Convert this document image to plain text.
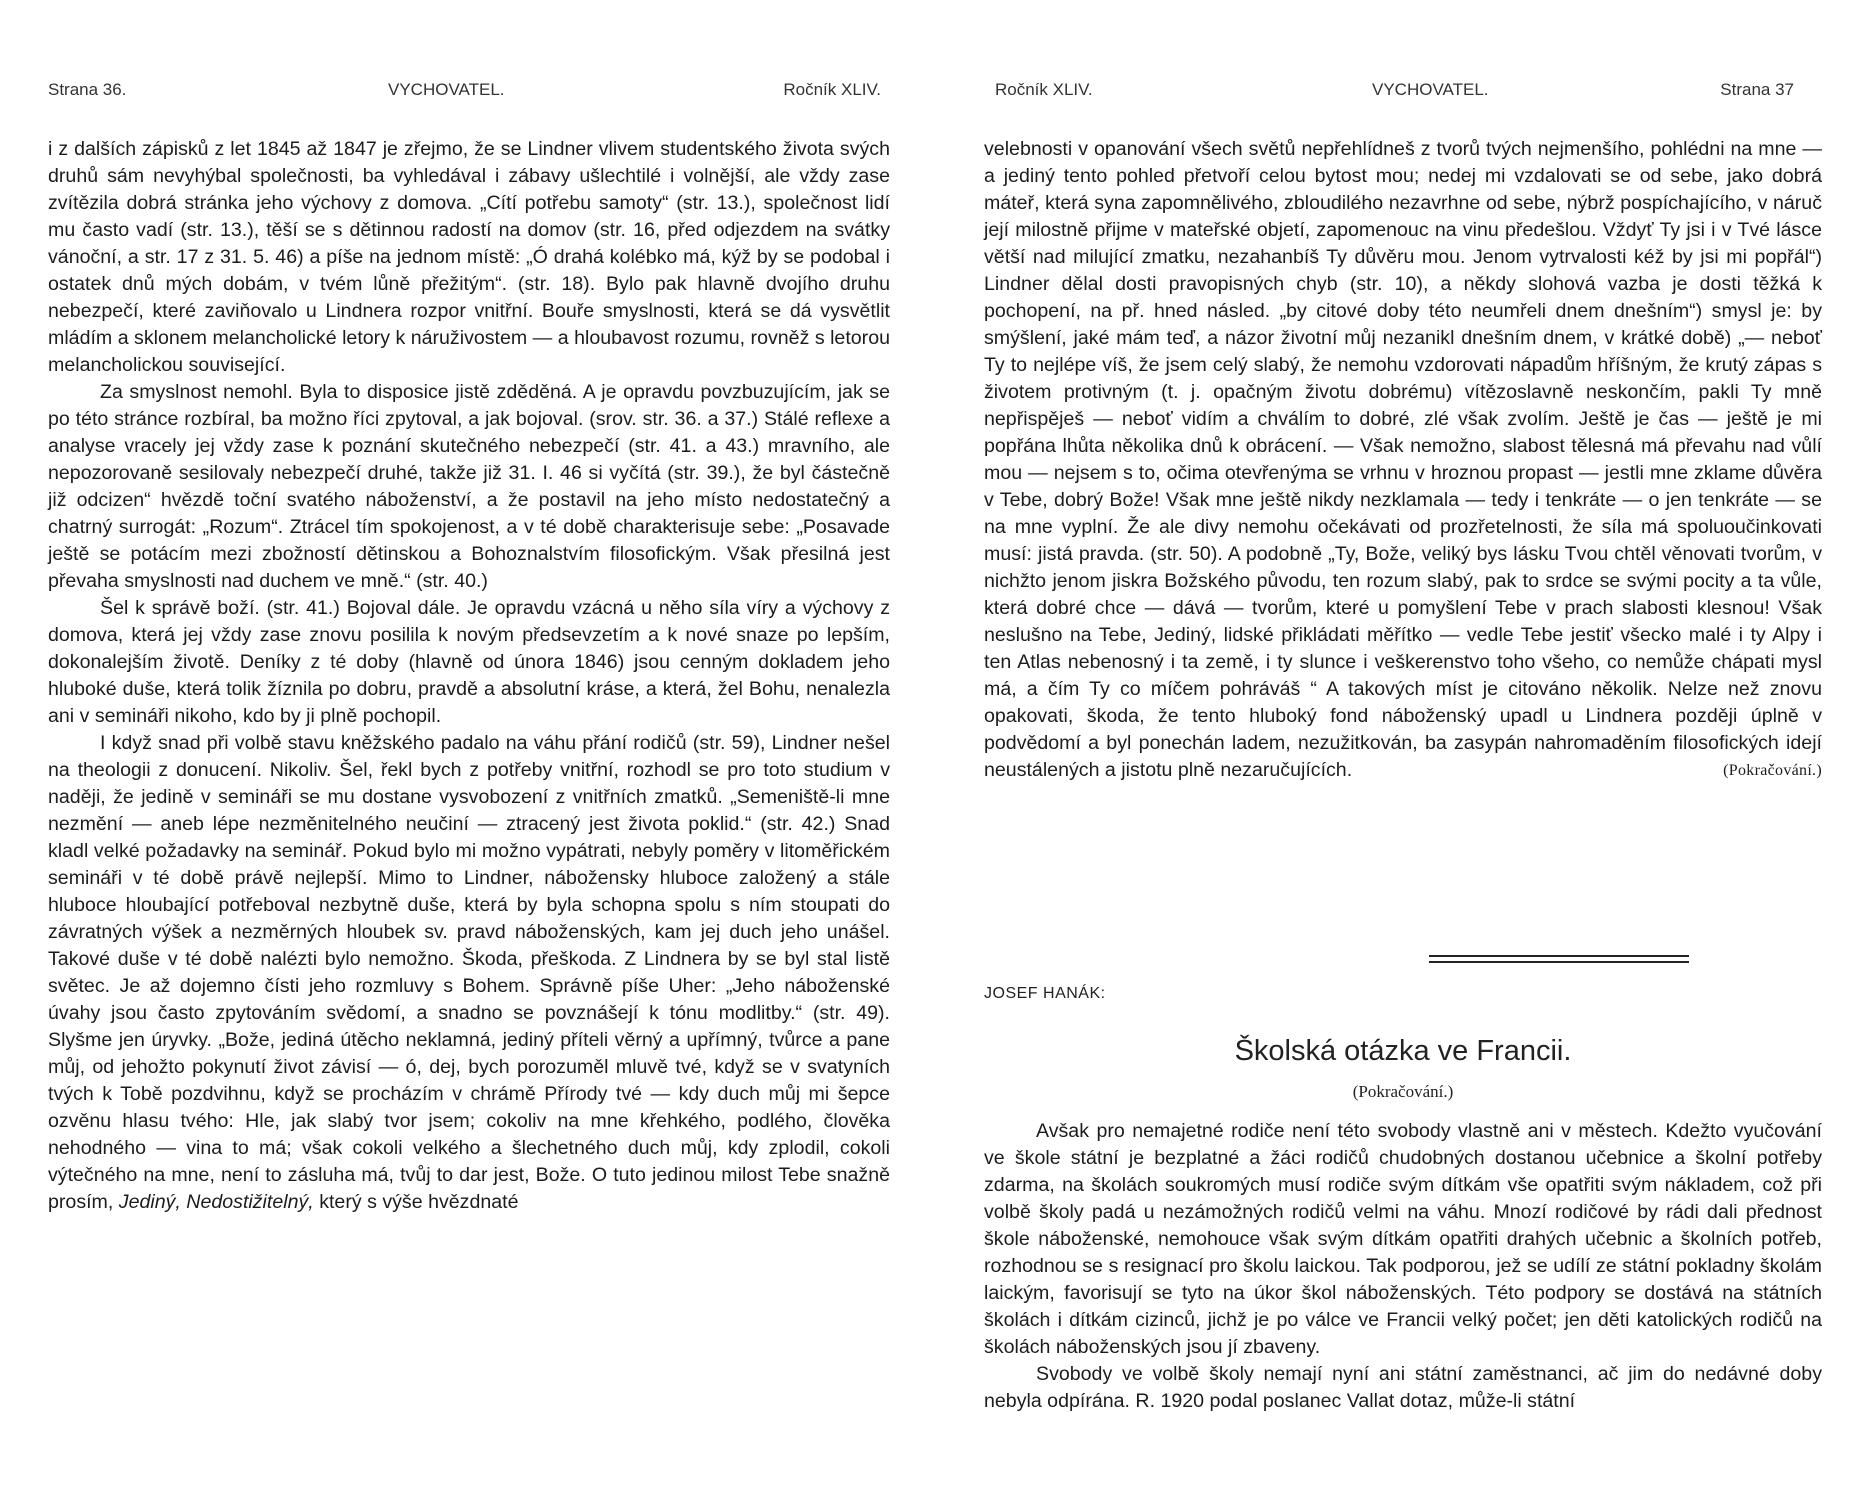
Strana 36.	VYCHOVATEL.	Ročník XLIV.

i z dalších zápisků z let 1845 až 1847 je zřejmo, že se Lindner vlivem studentského života svých druhů sám nevyhýbal společnosti, ba vyhledával i zábavy ušlechtilé i volnější, ale vždy zase zvítězila dobrá stránka jeho výchovy z domova. „Cítí potřebu samoty“ (str. 13.), společnost lidí mu často vadí (str. 13.), těší se s dětinnou radostí na domov (str. 16, před odjezdem na svátky vánoční, a str. 17 z 31. 5. 46) a píše na jednom místě: „Ó drahá kolébko má, kýž by se podobal i ostatek dnů mých dobám, v tvém lůně přežitým“. (str. 18). Bylo pak hlavně dvojího druhu nebezpečí, které zaviňovalo u Lindnera rozpor vnitřní. Bouře smyslnosti, která se dá vysvětlit mládím a sklonem melancholické letory k náruživostem — a hloubavost rozumu, rovněž s letorou melancholickou související.

Za smyslnost nemohl. Byla to disposice jistě zděděná. A je opravdu povzbuzujícím, jak se po této stránce rozbíral, ba možno říci zpytoval, a jak bojoval. (srov. str. 36. a 37.) Stálé reflexe a analyse vracely jej vždy zase k poznání skutečného nebezpečí (str. 41. a 43.) mravního, ale nepozorovaně sesilovaly nebezpečí druhé, takže již 31. I. 46 si vyčítá (str. 39.), že byl částečně již odcizen“ hvězdě toční svatého náboženství, a že postavil na jeho místo nedostatečný a chatrný surrogát: „Rozum“. Ztrácel tím spokojenost, a v té době charakterisuje sebe: „Posavade ještě se potácím mezi zbožností dětinskou a Bohoznalstvím filosofickým. Však přesilná jest převaha smyslnosti nad duchem ve mně.“ (str. 40.)

Šel k správě boží. (str. 41.) Bojoval dále. Je opravdu vzácná u něho síla víry a výchovy z domova, která jej vždy zase znovu posilila k novým předsevzetím a k nové snaze po lepším, dokonalejším životě. Deníky z té doby (hlavně od února 1846) jsou cenným dokladem jeho hluboké duše, která tolik žíznila po dobru, pravdě a absolutní kráse, a která, žel Bohu, nenalezla ani v semináři nikoho, kdo by ji plně pochopil.

I když snad při volbě stavu kněžského padalo na váhu přání rodičů (str. 59), Lindner nešel na theologii z donucení. Nikoliv. Šel, řekl bych z potřeby vnitřní, rozhodl se pro toto studium v naději, že jedině v semináři se mu dostane vysvobození z vnitřních zmatků. „Semeniště-li mne nezmění — aneb lépe nezměnitelného neučiní — ztracený jest života poklid.“ (str. 42.) Snad kladl velké požadavky na seminář. Pokud bylo mi možno vypátrati, nebyly poměry v litoměřickém semináři v té době právě nejlepší. Mimo to Lindner, nábožensky hluboce založený a stále hluboce hloubající potřeboval nezbytně duše, která by byla schopna spolu s ním stoupati do závratných výšek a nezměrných hloubek sv. pravd náboženských, kam jej duch jeho unášel. Takové duše v té době nalézti bylo nemožno. Škoda, přeškoda. Z Lindnera by se byl stal listě světec. Je až dojemno čísti jeho rozmluvy s Bohem. Správně píše Uher: „Jeho náboženské úvahy jsou často zpytováním svědomí, a snadno se povznášejí k tónu modlitby.“ (str. 49). Slyšme jen úryvky. „Bože, jediná útěcho neklamná, jediný příteli věrný a upřímný, tvůrce a pane můj, od jehožto pokynutí život závisí — ó, dej, bych porozuměl mluvě tvé, když se v svatyních tvých k Tobě pozdvihnu, když se procházím v chrámě Přírody tvé — kdy duch můj mi šepce ozvěnu hlasu tvého: Hle, jak slabý tvor jsem; cokoliv na mne křehkého, podlého, člověka nehodného — vina to má; však cokoli velkého a šlechetného duch můj, kdy zplodil, cokoli výtečného na mne, není to zásluha má, tvůj to dar jest, Bože. O tuto jedinou milost Tebe snažně prosím, Jediný, Nedostižitelný, který s výše hvězdnaté

Ročník XLIV.	VYCHOVATEL.	Strana 37

velebnosti v opanování všech světů nepřehlídneš z tvorů tvých nejmenšího, pohlédni na mne — a jediný tento pohled přetvoří celou bytost mou; nedej mi vzdalovati se od sebe, jako dobrá máteř, která syna zapomnělivého, zbloudilého nezavrhne od sebe, nýbrž pospíchajícího, v náruč její milostně přijme v mateřské objetí, zapomenouc na vinu předešlou. Vždyť Ty jsi i v Tvé lásce větší nad milující zmatku, nezahanbíš Ty důvěru mou. Jenom vytrvalosti kéž by jsi mi popřál“) Lindner dělal dosti pravopisných chyb (str. 10), a někdy slohová vazba je dosti těžká k pochopení, na př. hned násled. „by citové doby této neumřeli dnem dnešním“) smysl je: by smýšlení, jaké mám teď, a názor životní můj nezanikl dnešním dnem, v krátké době) „— neboť Ty to nejlépe víš, že jsem celý slabý, že nemohu vzdorovati nápadům hříšným, že krutý zápas s životem protivným (t. j. opačným životu dobrému) vítězoslavně neskončím, pakli Ty mně nepřispěješ — neboť vidím a chválím to dobré, zlé však zvolím. Ještě je čas — ještě je mi popřána lhůta několika dnů k obrácení. — Však nemožno, slabost tělesná má převahu nad vůlí mou — nejsem s to, očima otevřenýma se vrhnu v hroznou propast — jestli mne zklame důvěra v Tebe, dobrý Bože! Však mne ještě nikdy nezklamala — tedy i tenkráte — o jen tenkráte — se na mne vyplní. Že ale divy nemohu očekávati od prozřetelnosti, že síla má spoluoučinkovati musí: jistá pravda. (str. 50). A podobně „Ty, Bože, veliký bys lásku Tvou chtěl věnovati tvorům, v nichžto jenom jiskra Božského původu, ten rozum slabý, pak to srdce se svými pocity a ta vůle, která dobré chce — dává — tvorům, které u pomyšlení Tebe v prach slabosti klesnou! Však neslušno na Tebe, Jediný, lidské přikládati měřítko — vedle Tebe jestiť všecko malé i ty Alpy i ten Atlas nebenosný i ta země, i ty slunce i veškerenstvo toho všeho, co nemůže chápati mysl má, a čím Ty co míčem pohráváš “ A takových míst je citováno několik. Nelze než znovu opakovati, škoda, že tento hluboký fond náboženský upadl u Lindnera později úplně v podvědomí a byl ponechán ladem, nezužitkován, ba zasypán nahromaděním filosofických idejí neustálených a jistotu plně nezaručujících.	(Pokračování.)

JOSEF HANÁK:
Školská otázka ve Francii.
(Pokračování.)

Avšak pro nemajetné rodiče není této svobody vlastně ani v městech. Kdežto vyučování ve škole státní je bezplatné a žáci rodičů chudobných dostanou učebnice a školní potřeby zdarma, na školách soukromých musí rodiče svým dítkám vše opatřiti svým nákladem, což při volbě školy padá u nezámožných rodičů velmi na váhu. Mnozí rodičové by rádi dali přednost škole náboženské, nemohouce však svým dítkám opatřiti drahých učebnic a školních potřeb, rozhodnou se s resignací pro školu laickou. Tak podporou, jež se udílí ze státní pokladny školám laickým, favorisují se tyto na úkor škol náboženských. Této podpory se dostává na státních školách i dítkám cizinců, jichž je po válce ve Francii velký počet; jen děti katolických rodičů na školách náboženských jsou jí zbaveny.

Svobody ve volbě školy nemají nyní ani státní zaměstnanci, ač jim do nedávné doby nebyla odpírána. R. 1920 podal poslanec Vallat dotaz, může-li státní
